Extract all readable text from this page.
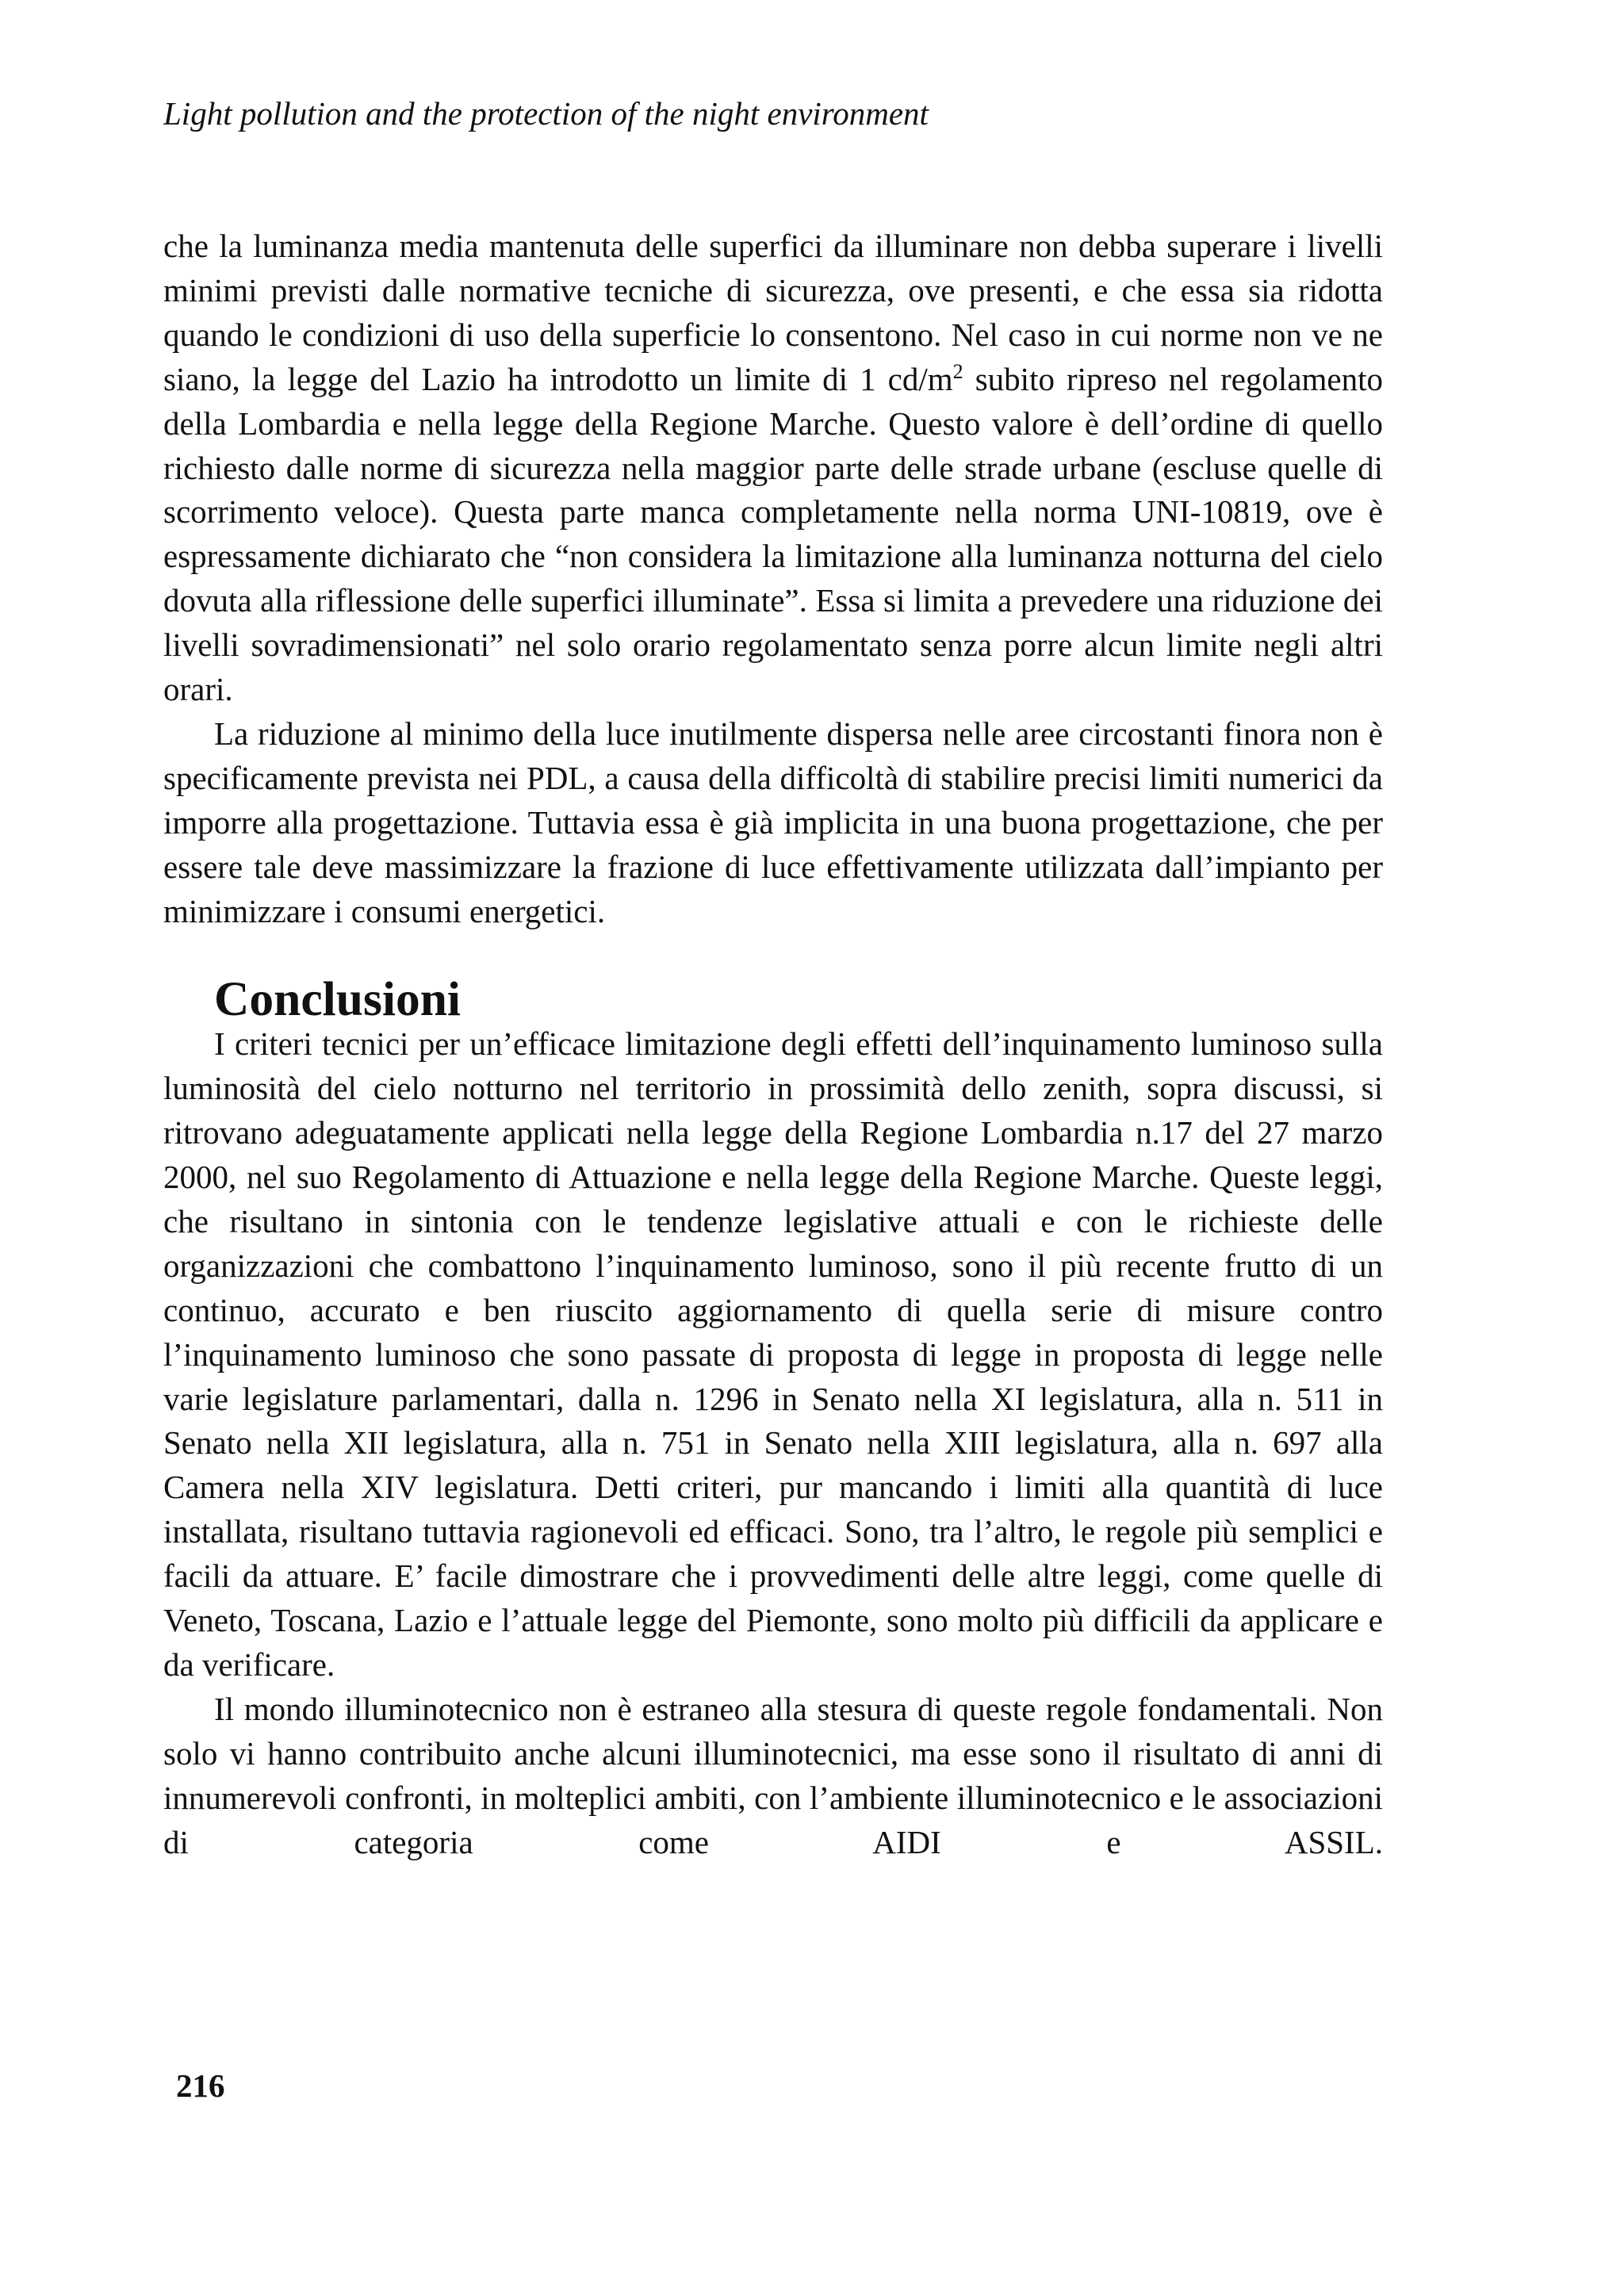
Light pollution and the protection of the night environment

che la luminanza media mantenuta delle superfici da illuminare non debba superare i livelli minimi previsti dalle normative tecniche di sicurezza, ove presenti, e che essa sia ridotta quando le condizioni di uso della superficie lo consentono. Nel caso in cui norme non ve ne siano, la legge del Lazio ha introdotto un limite di 1 $cd/m^2$ subito ripreso nel regolamento della Lombardia e nella legge della Regione Marche. Questo valore è dell’ordine di quello richiesto dalle norme di sicurezza nella maggior parte delle strade urbane (escluse quelle di scorrimento veloce). Questa parte manca completamente nella norma UNI-10819, ove è espressamente dichiarato che “non considera la limitazione alla luminanza notturna del cielo dovuta alla riflessione delle superfici illuminate”. Essa si limita a prevedere una riduzione dei livelli sovradimensionati” nel solo orario regolamentato senza porre alcun limite negli altri orari.

La riduzione al minimo della luce inutilmente dispersa nelle aree circostanti finora non è specificamente prevista nei PDL, a causa della difficoltà di stabilire precisi limiti numerici da imporre alla progettazione. Tuttavia essa è già implicita in una buona progettazione, che per essere tale deve massimizzare la frazione di luce effettivamente utilizzata dall’impianto per minimizzare i consumi energetici.

Conclusioni

I criteri tecnici per un’efficace limitazione degli effetti dell’inquinamento luminoso sulla luminosità del cielo notturno nel territorio in prossimità dello zenith, sopra discussi, si ritrovano adeguatamente applicati nella legge della Regione Lombardia n.17 del 27 marzo 2000, nel suo Regolamento di Attuazione e nella legge della Regione Marche. Queste leggi, che risultano in sintonia con le tendenze legislative attuali e con le richieste delle organizzazioni che combattono l’inquinamento luminoso, sono il più recente frutto di un continuo, accurato e ben riuscito aggiornamento di quella serie di misure contro l’inquinamento luminoso che sono passate di proposta di legge in proposta di legge nelle varie legislature parlamentari, dalla n. 1296 in Senato nella XI legislatura, alla n. 511 in Senato nella XII legislatura, alla n. 751 in Senato nella XIII legislatura, alla n. 697 alla Camera nella XIV legislatura. Detti criteri, pur mancando i limiti alla quantità di luce installata, risultano tuttavia ragionevoli ed efficaci. Sono, tra l’altro, le regole più semplici e facili da attuare. E’ facile dimostrare che i provvedimenti delle altre leggi, come quelle di Veneto, Toscana, Lazio e l’attuale legge del Piemonte, sono molto più difficili da applicare e da verificare.

Il mondo illuminotecnico non è estraneo alla stesura di queste regole fondamentali. Non solo vi hanno contribuito anche alcuni illuminotecnici, ma esse sono il risultato di anni di innumerevoli confronti, in molteplici ambiti, con l’ambiente illuminotecnico e le associazioni di categoria come AIDI e ASSIL.

216
